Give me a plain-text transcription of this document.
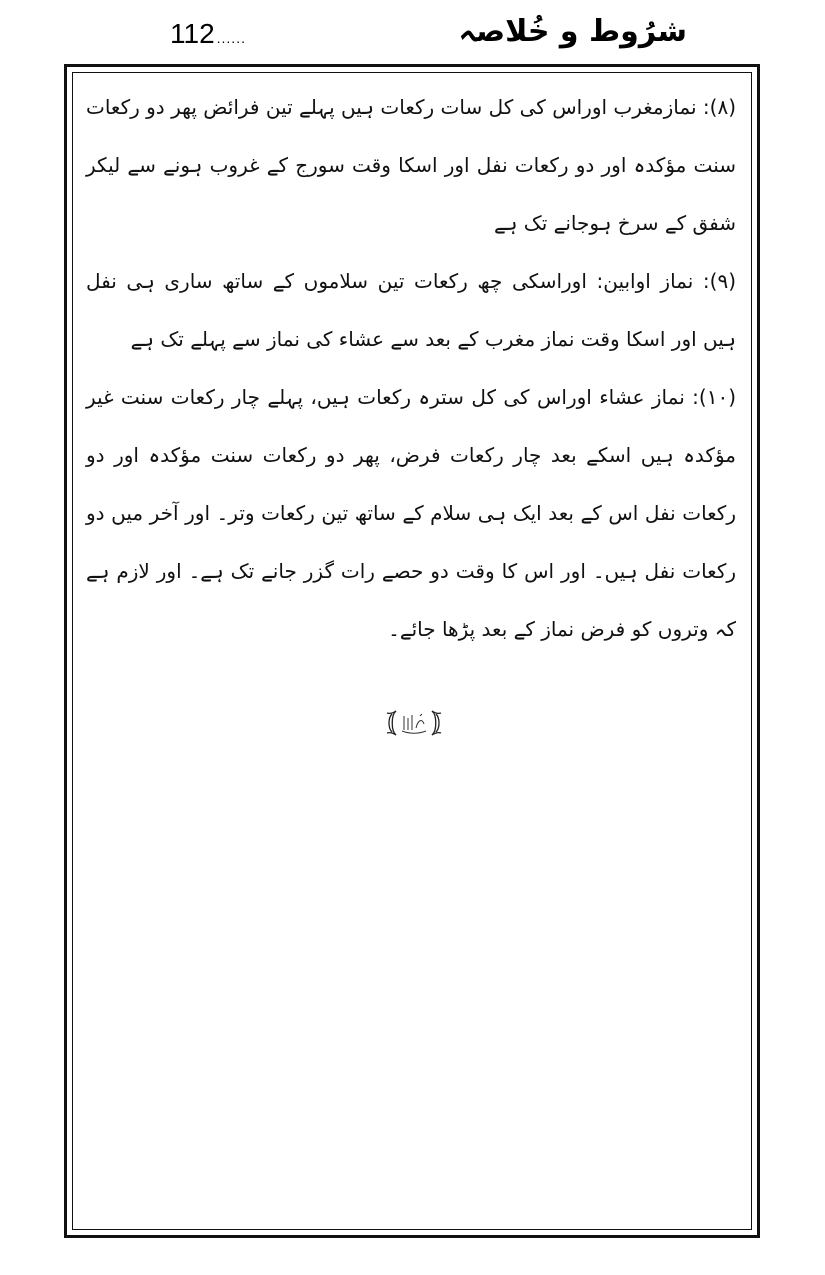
112 ......	شرُوط و خُلاصہ

(۸): نمازمغرب اوراس کی کل سات رکعات ہیں پہلے تین فرائض پھر دو رکعات سنت مؤکدہ اور دو رکعات نفل اور اسکا وقت سورج کے غروب ہونے سے لیکر شفق کے سرخ ہوجانے تک ہے

(۹): نماز اوابین: اوراسکی چھ رکعات تین سلاموں کے ساتھ ساری ہی نفل ہیں اور اسکا وقت نماز مغرب کے بعد سے عشاء کی نماز سے پہلے تک ہے

(۱۰): نماز عشاء اوراس کی کل سترہ رکعات ہیں، پہلے چار رکعات سنت غیر مؤکدہ ہیں اسکے بعد چار رکعات فرض، پھر دو رکعات سنت مؤکدہ اور دو رکعات نفل اس کے بعد ایک ہی سلام کے ساتھ تین رکعات وتر۔ اور آخر میں دو رکعات نفل ہیں۔ اور اس کا وقت دو حصے رات گزر جانے تک ہے۔ اور لازم ہے کہ وتروں کو فرض نماز کے بعد پڑھا جائے۔
